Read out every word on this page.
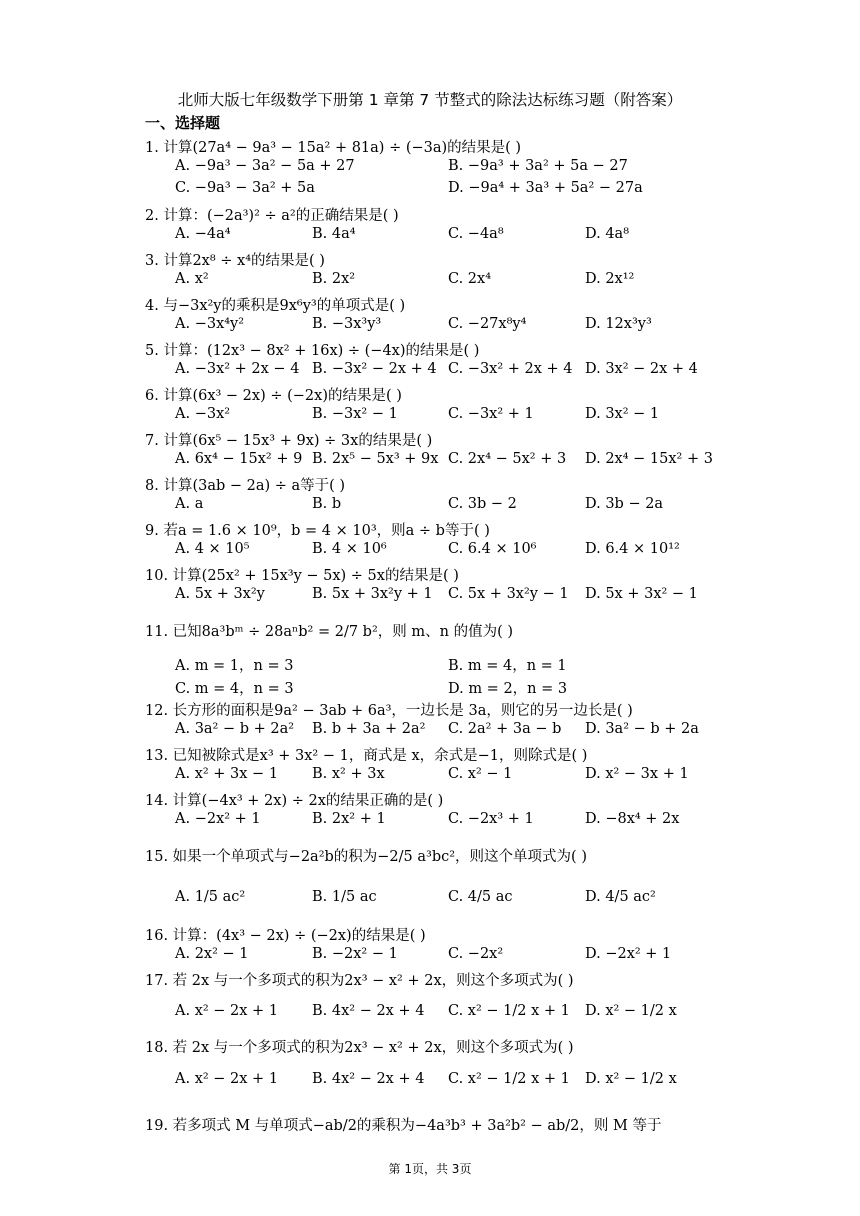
北师大版七年级数学下册第 1 章第 7 节整式的除法达标练习题（附答案）
一、选择题
1. 计算(27a⁴ − 9a³ − 15a² + 81a) ÷ (−3a)的结果是( )
A. −9a³ − 3a² − 5a + 27	B. −9a³ + 3a² + 5a − 27
C. −9a³ − 3a² + 5a	D. −9a⁴ + 3a³ + 5a² − 27a
2. 计算：(−2a³)² ÷ a²的正确结果是( )
A. −4a⁴	B. 4a⁴	C. −4a⁸	D. 4a⁸
3. 计算2x⁸ ÷ x⁴的结果是( )
A. x²	B. 2x²	C. 2x⁴	D. 2x¹²
4. 与−3x²y的乘积是9x⁶y³的单项式是( )
A. −3x⁴y²	B. −3x³y³	C. −27x⁸y⁴	D. 12x³y³
5. 计算：(12x³ − 8x² + 16x) ÷ (−4x)的结果是( )
A. −3x² + 2x − 4 B. −3x² − 2x + 4 C. −3x² + 2x + 4 D. 3x² − 2x + 4
6. 计算(6x³ − 2x) ÷ (−2x)的结果是( )
A. −3x²	B. −3x² − 1	C. −3x² + 1	D. 3x² − 1
7. 计算(6x⁵ − 15x³ + 9x) ÷ 3x的结果是( )
A. 6x⁴ − 15x² + 9 B. 2x⁵ − 5x³ + 9x C. 2x⁴ − 5x² + 3 D. 2x⁴ − 15x² + 3
8. 计算(3ab − 2a) ÷ a等于( )
A. a	B. b	C. 3b − 2	D. 3b − 2a
9. 若a = 1.6 × 10⁹，b = 4 × 10³，则a ÷ b等于( )
A. 4 × 10⁵	B. 4 × 10⁶	C. 6.4 × 10⁶	D. 6.4 × 10¹²
10. 计算(25x² + 15x³y − 5x) ÷ 5x的结果是( )
A. 5x + 3x²y	B. 5x + 3x²y + 1 C. 5x + 3x²y − 1 D. 5x + 3x² − 1
11. 已知8a³bᵐ ÷ 28aⁿb² = 2/7 b²，则 m、n 的值为( )
A. m = 1，n = 3	B. m = 4，n = 1
C. m = 4，n = 3	D. m = 2，n = 3
12. 长方形的面积是9a² − 3ab + 6a³，一边长是 3a，则它的另一边长是( )
A. 3a² − b + 2a² B. b + 3a + 2a² C. 2a² + 3a − b D. 3a² − b + 2a
13. 已知被除式是x³ + 3x² − 1，商式是 x，余式是−1，则除式是( )
A. x² + 3x − 1 B. x² + 3x	C. x² − 1	D. x² − 3x + 1
14. 计算(−4x³ + 2x) ÷ 2x的结果正确的是( )
A. −2x² + 1	B. 2x² + 1	C. −2x³ + 1	D. −8x⁴ + 2x
15. 如果一个单项式与−2a²b的积为−2/5 a³bc²，则这个单项式为( )
A. 1/5 ac²	B. 1/5 ac	C. 4/5 ac	D. 4/5 ac²
16. 计算：(4x³ − 2x) ÷ (−2x)的结果是( )
A. 2x² − 1	B. −2x² − 1	C. −2x²	D. −2x² + 1
17. 若 2x 与一个多项式的积为2x³ − x² + 2x，则这个多项式为( )
A. x² − 2x + 1 B. 4x² − 2x + 4 C. x² − 1/2 x + 1 D. x² − 1/2 x
18. 若 2x 与一个多项式的积为2x³ − x² + 2x，则这个多项式为( )
A. x² − 2x + 1 B. 4x² − 2x + 4 C. x² − 1/2 x + 1 D. x² − 1/2 x
19. 若多项式 M 与单项式−ab/2的乘积为−4a³b³ + 3a²b² − ab/2，则 M 等于
第 1页，共 3页
